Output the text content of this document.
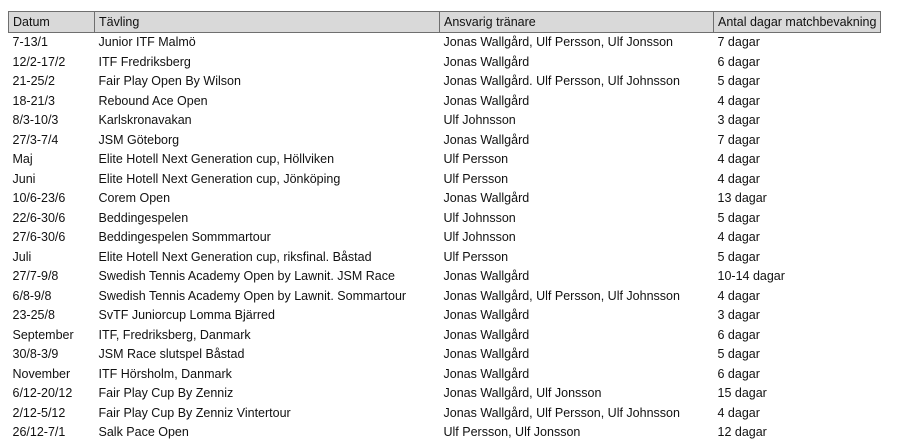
Datum	Tävling	Ansvarig tränare	Antal dagar matchbevakning
7-13/1	Junior ITF Malmö	Jonas Wallgård, Ulf Persson, Ulf Jonsson	7 dagar
12/2-17/2	ITF Fredriksberg	Jonas Wallgård	6 dagar
21-25/2	Fair Play Open By Wilson	Jonas Wallgård. Ulf Persson, Ulf Johnsson	5 dagar
18-21/3	Rebound Ace Open	Jonas Wallgård	4 dagar
8/3-10/3	Karlskronavakan	Ulf Johnsson	3 dagar
27/3-7/4	JSM Göteborg	Jonas Wallgård	7 dagar
Maj	Elite Hotell Next Generation cup, Höllviken	Ulf Persson	4 dagar
Juni	Elite Hotell Next Generation cup, Jönköping	Ulf Persson	4 dagar
10/6-23/6	Corem Open	Jonas Wallgård	13 dagar
22/6-30/6	Beddingespelen	Ulf Johnsson	5 dagar
27/6-30/6	Beddingespelen Sommmartour	Ulf Johnsson	4 dagar
Juli	Elite Hotell Next Generation cup, riksfinal. Båstad	Ulf Persson	5 dagar
27/7-9/8	Swedish Tennis Academy Open by Lawnit. JSM Race	Jonas Wallgård	10-14 dagar
6/8-9/8	Swedish Tennis Academy Open by Lawnit. Sommartour	Jonas Wallgård, Ulf Persson, Ulf Johnsson	4 dagar
23-25/8	SvTF Juniorcup Lomma Bjärred	Jonas Wallgård	3 dagar
September	ITF, Fredriksberg, Danmark	Jonas Wallgård	6 dagar
30/8-3/9	JSM Race slutspel Båstad	Jonas Wallgård	5 dagar
November	ITF Hörsholm, Danmark	Jonas Wallgård	6 dagar
6/12-20/12	Fair Play Cup By Zenniz	Jonas Wallgård, Ulf Jonsson	15 dagar
2/12-5/12	Fair Play Cup By Zenniz Vintertour	Jonas Wallgård, Ulf Persson, Ulf Johnsson	4 dagar
26/12-7/1	Salk Pace Open	Ulf Persson, Ulf Jonsson	12 dagar
